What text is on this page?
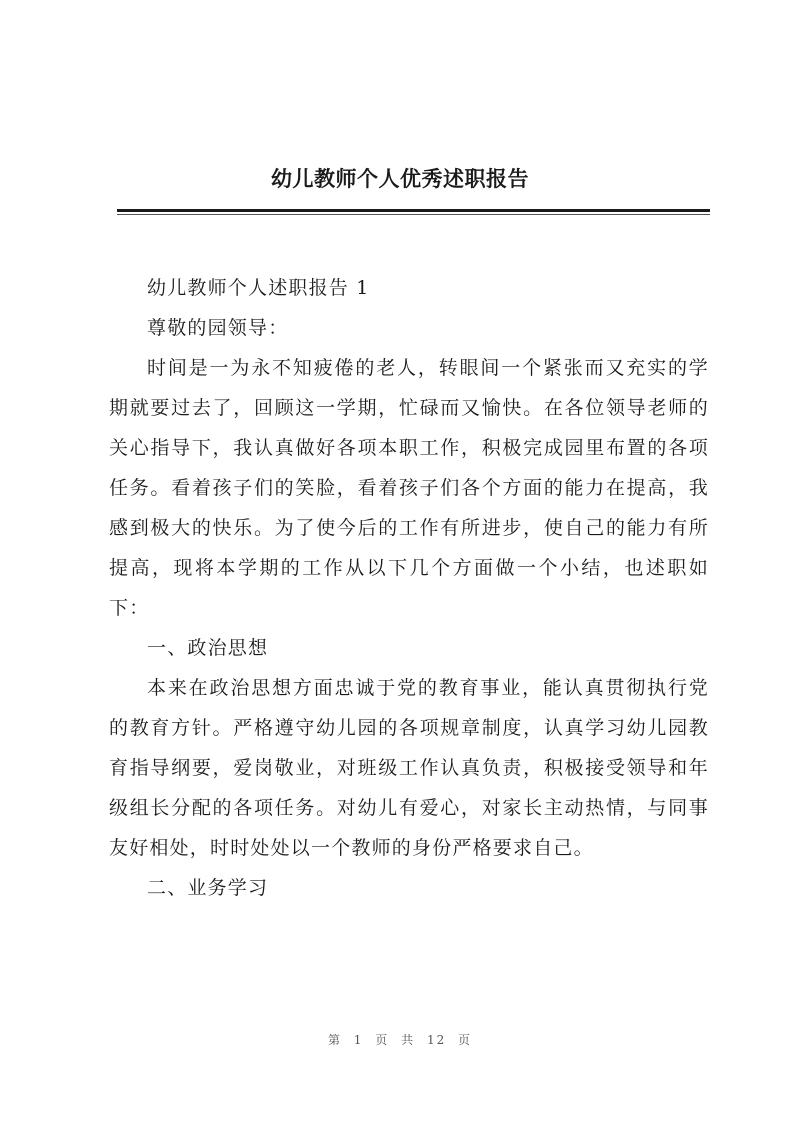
幼儿教师个人优秀述职报告

幼儿教师个人述职报告 1

尊敬的园领导：

时间是一为永不知疲倦的老人，转眼间一个紧张而又充实的学期就要过去了，回顾这一学期，忙碌而又愉快。在各位领导老师的关心指导下，我认真做好各项本职工作，积极完成园里布置的各项任务。看着孩子们的笑脸，看着孩子们各个方面的能力在提高，我感到极大的快乐。为了使今后的工作有所进步，使自己的能力有所提高，现将本学期的工作从以下几个方面做一个小结，也述职如下：

一、政治思想

本来在政治思想方面忠诚于党的教育事业，能认真贯彻执行党的教育方针。严格遵守幼儿园的各项规章制度，认真学习幼儿园教育指导纲要，爱岗敬业，对班级工作认真负责，积极接受领导和年级组长分配的各项任务。对幼儿有爱心，对家长主动热情，与同事友好相处，时时处处以一个教师的身份严格要求自己。

二、业务学习

第 1 页 共 12 页
